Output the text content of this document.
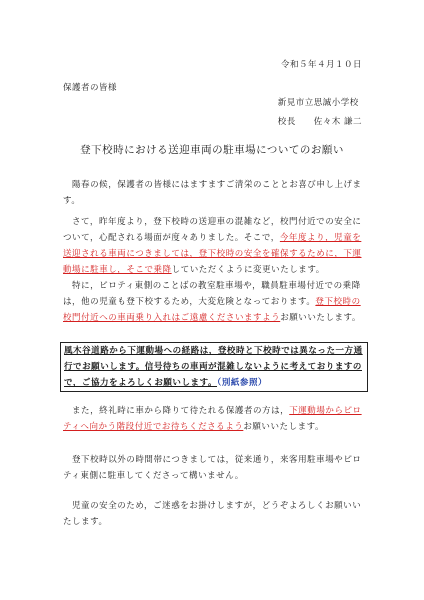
令和５年４月１０日
保護者の皆様
新見市立思誠小学校
校長　　佐々木 謙二
登下校時における送迎車両の駐車場についてのお願い

陽春の候，保護者の皆様にはますますご清栄のこととお喜び申し上げます。

さて，昨年度より，登下校時の送迎車の混雑など，校門付近での安全について，心配される場面が度々ありました。そこで，今年度より，児童を送迎される車両につきましては，登下校時の安全を確保するために，下運動場に駐車し，そこで乗降していただくように変更いたします。

特に，ピロティ東側のことばの教室駐車場や，職員駐車場付近での乗降は，他の児童も登下校するため，大変危険となっております。登下校時の校門付近への車両乗り入れはご遠慮くださいますようお願いいたします。

風木谷道路から下運動場への経路は，登校時と下校時では異なった一方通行でお願いします。信号待ちの車両が混雑しないように考えておりますので，ご協力をよろしくお願いします。（別紙参照）

また，終礼時に車から降りて待たれる保護者の方は，下運動場からピロティへ向かう階段付近でお待ちくださるようお願いいたします。

登下校時以外の時間帯につきましては，従来通り，来客用駐車場やピロティ東側に駐車してくださって構いません。

児童の安全のため，ご迷惑をお掛けしますが，どうぞよろしくお願いいたします。
